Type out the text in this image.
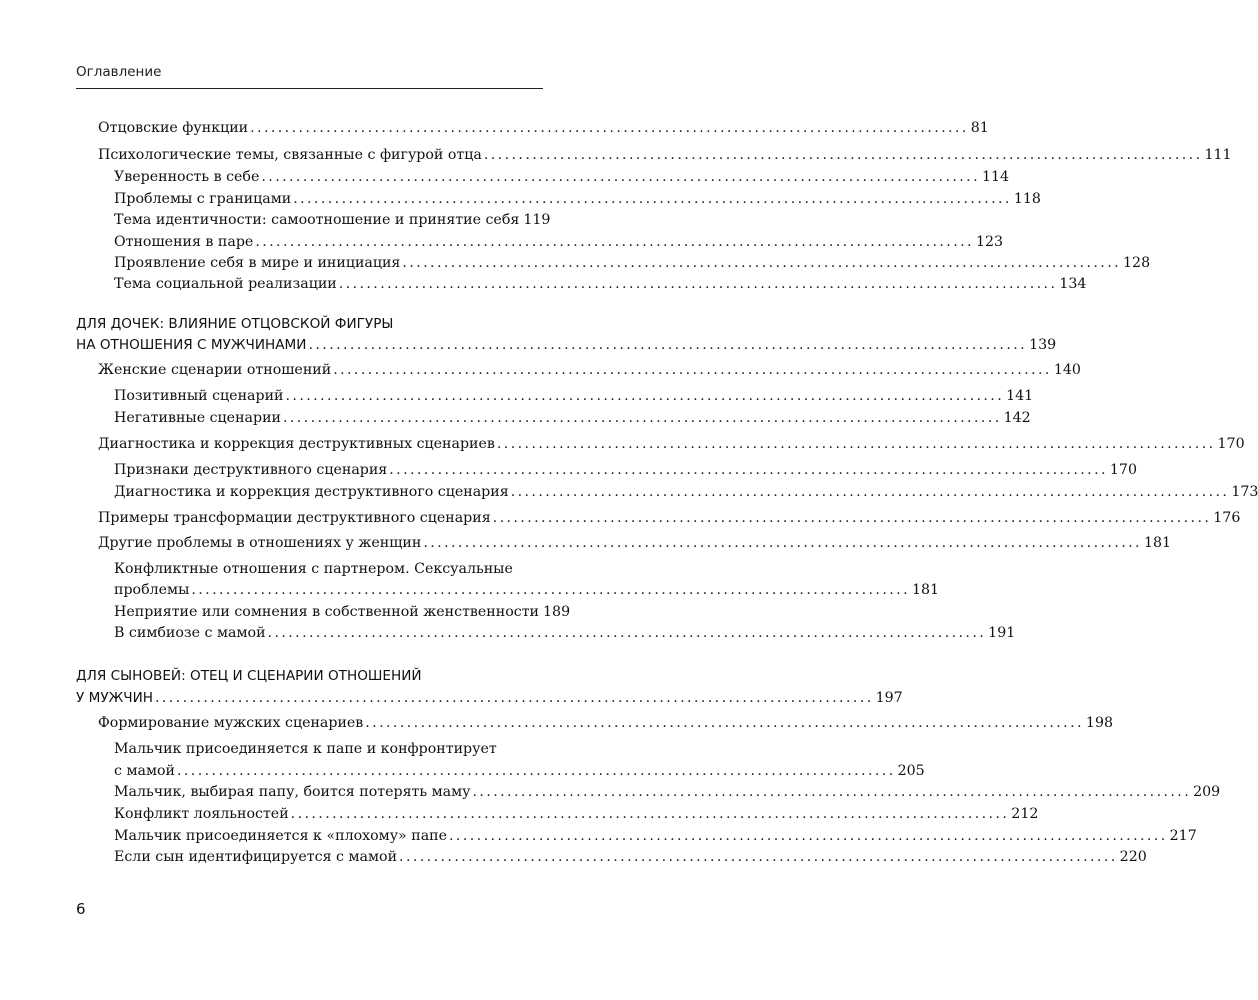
Оглавление
Отцовские функции ........................................................................................................ 81
Психологические темы, связанные с фигурой отца ........................................................................................................ 111
Уверенность в себе ........................................................................................................ 114
Проблемы с границами ........................................................................................................ 118
Тема идентичности: самоотношение и принятие себя 119
Отношения в паре ........................................................................................................ 123
Проявление себя в мире и инициация ........................................................................................................ 128
Тема социальной реализации ........................................................................................................ 134
ДЛЯ ДОЧЕК: ВЛИЯНИЕ ОТЦОВСКОЙ ФИГУРЫ
НА ОТНОШЕНИЯ С МУЖЧИНАМИ ........................................................................................................ 139
Женские сценарии отношений ........................................................................................................ 140
Позитивный сценарий ........................................................................................................ 141
Негативные сценарии ........................................................................................................ 142
Диагностика и коррекция деструктивных сценариев ........................................................................................................ 170
Признаки деструктивного сценария ........................................................................................................ 170
Диагностика и коррекция деструктивного сценария ........................................................................................................ 173
Примеры трансформации деструктивного сценария ........................................................................................................ 176
Другие проблемы в отношениях у женщин ........................................................................................................ 181
Конфликтные отношения с партнером. Сексуальные
проблемы ........................................................................................................ 181
Неприятие или сомнения в собственной женственности 189
В симбиозе с мамой ........................................................................................................ 191
ДЛЯ СЫНОВЕЙ: ОТЕЦ И СЦЕНАРИИ ОТНОШЕНИЙ
У МУЖЧИН ........................................................................................................ 197
Формирование мужских сценариев ........................................................................................................ 198
Мальчик присоединяется к папе и конфронтирует
с мамой ........................................................................................................ 205
Мальчик, выбирая папу, боится потерять маму ........................................................................................................ 209
Конфликт лояльностей ........................................................................................................ 212
Мальчик присоединяется к «плохому» папе ........................................................................................................ 217
Если сын идентифицируется с мамой ........................................................................................................ 220
6
